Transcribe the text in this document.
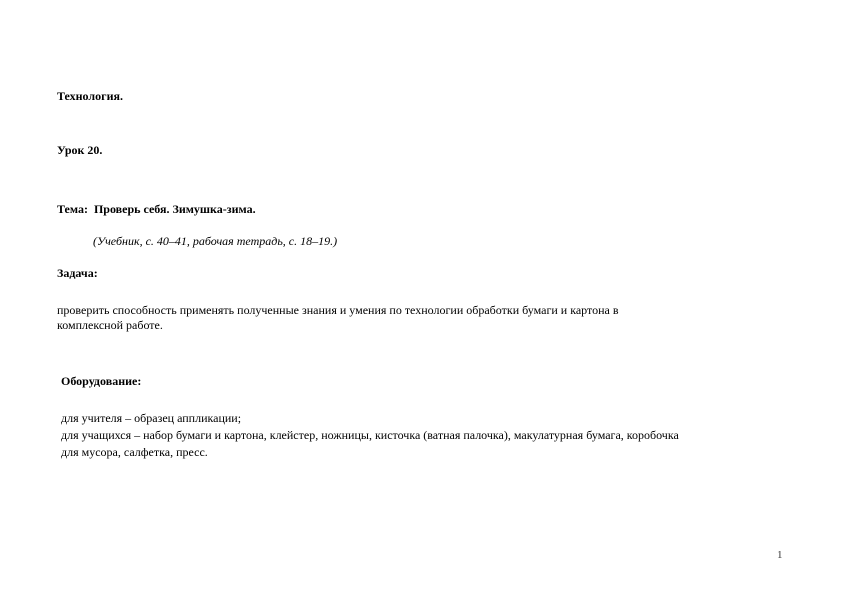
Технология.

Урок 20.

Тема: Проверь себя. Зимушка-зима.

(Учебник, с. 40–41, рабочая тетрадь, с. 18–19.)

Задача:

проверить способность применять полученные знания и умения по технологии обработки бумаги и картона в

комплексной работе.

Оборудование:

для учителя – образец аппликации;

для учащихся – набор бумаги и картона, клейстер, ножницы, кисточка (ватная палочка), макулатурная бумага, коробочка

для мусора, салфетка, пресс.

1
